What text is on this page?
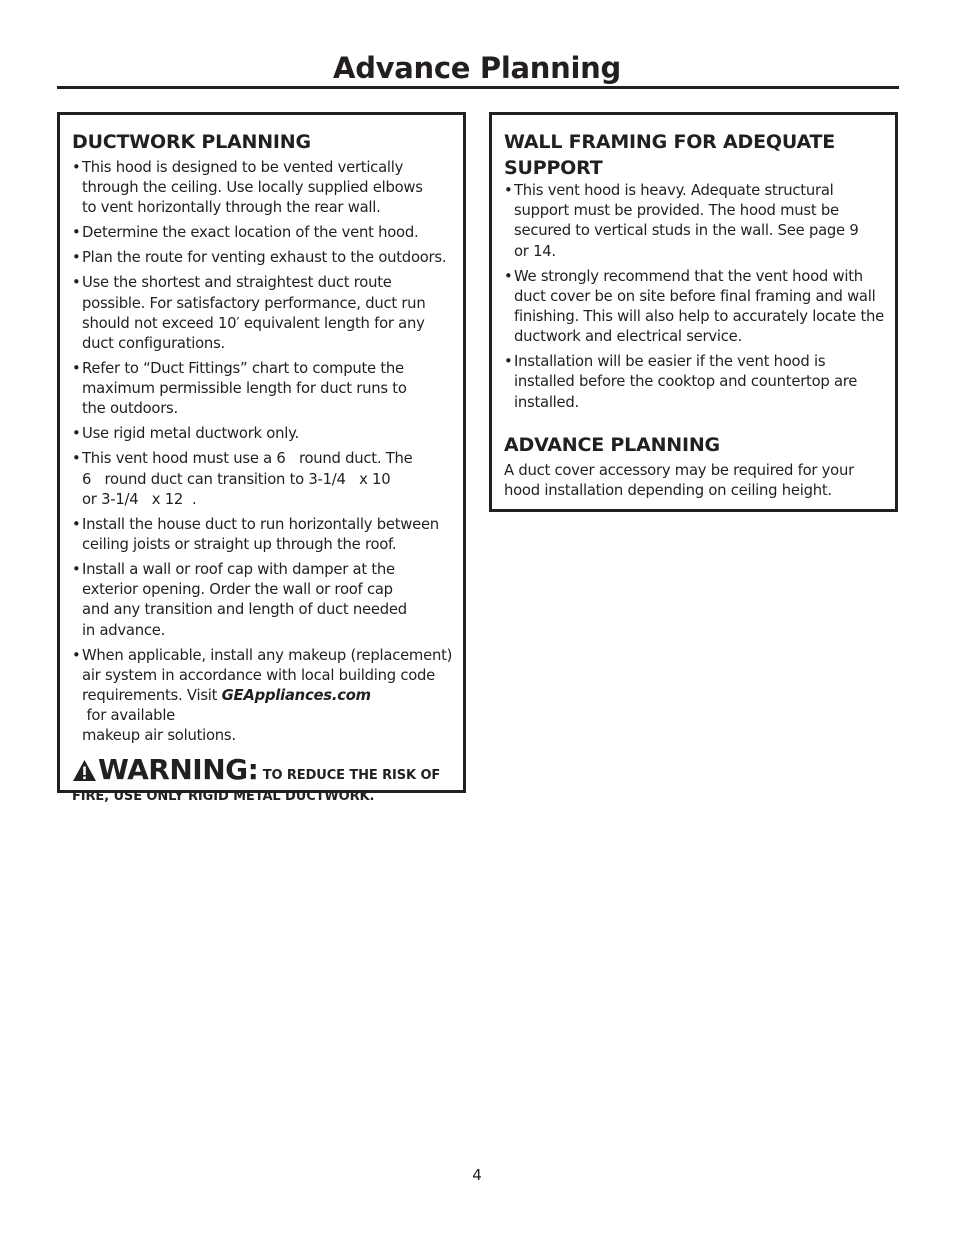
Advance Planning
DUCTWORK PLANNING
• This hood is designed to be vented vertically
through the ceiling. Use locally supplied elbows
to vent horizontally through the rear wall.
• Determine the exact location of the vent hood.
• Plan the route for venting exhaust to the outdoors.
• Use the shortest and straightest duct route
possible. For satisfactory performance, duct run
should not exceed 10′ equivalent length for any
duct configurations.
• Refer to “Duct Fittings” chart to compute the
maximum permissible length for duct runs to
the outdoors.
• Use rigid metal ductwork only.
• This vent hood must use a 6   round duct. The
6   round duct can transition to 3-1/4   x 10
or 3-1/4   x 12  .
• Install the house duct to run horizontally between
ceiling joists or straight up through the roof.
• Install a wall or roof cap with damper at the
exterior opening. Order the wall or roof cap
and any transition and length of duct needed
in advance.
• When applicable, install any makeup (replacement)
air system in accordance with local building code
requirements. Visit GEAppliances.com for available
makeup air solutions.
WARNING: TO REDUCE THE RISK OF
FIRE, USE ONLY RIGID METAL DUCTWORK.
WALL FRAMING FOR ADEQUATE
SUPPORT
• This vent hood is heavy. Adequate structural
support must be provided. The hood must be
secured to vertical studs in the wall. See page 9
or 14.
• We strongly recommend that the vent hood with
duct cover be on site before final framing and wall
finishing. This will also help to accurately locate the
ductwork and electrical service.
• Installation will be easier if the vent hood is
installed before the cooktop and countertop are
installed.
ADVANCE PLANNING

A duct cover accessory may be required for your
hood installation depending on ceiling height.

4
